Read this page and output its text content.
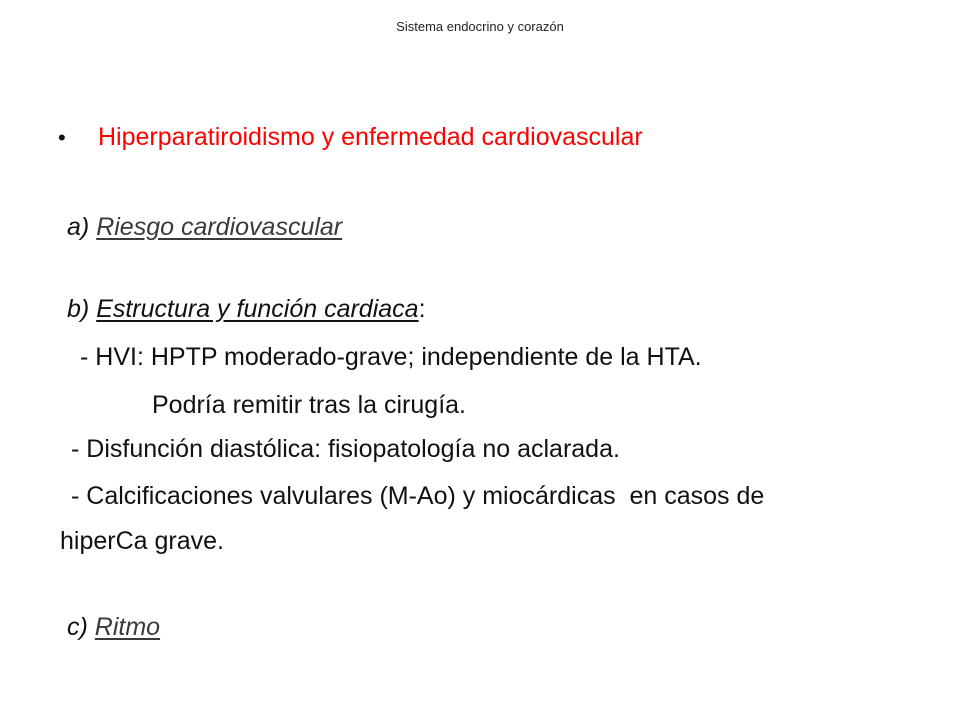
Sistema endocrino y corazón
• Hiperparatiroidismo y enfermedad cardiovascular
a) Riesgo cardiovascular
b) Estructura y función cardiaca:
- HVI: HPTP moderado-grave; independiente de la HTA.
Podría remitir tras la cirugía.
- Disfunción diastólica: fisiopatología no aclarada.
- Calcificaciones valvulares (M-Ao) y miocárdicas  en casos de
hiperCa grave.
c) Ritmo
